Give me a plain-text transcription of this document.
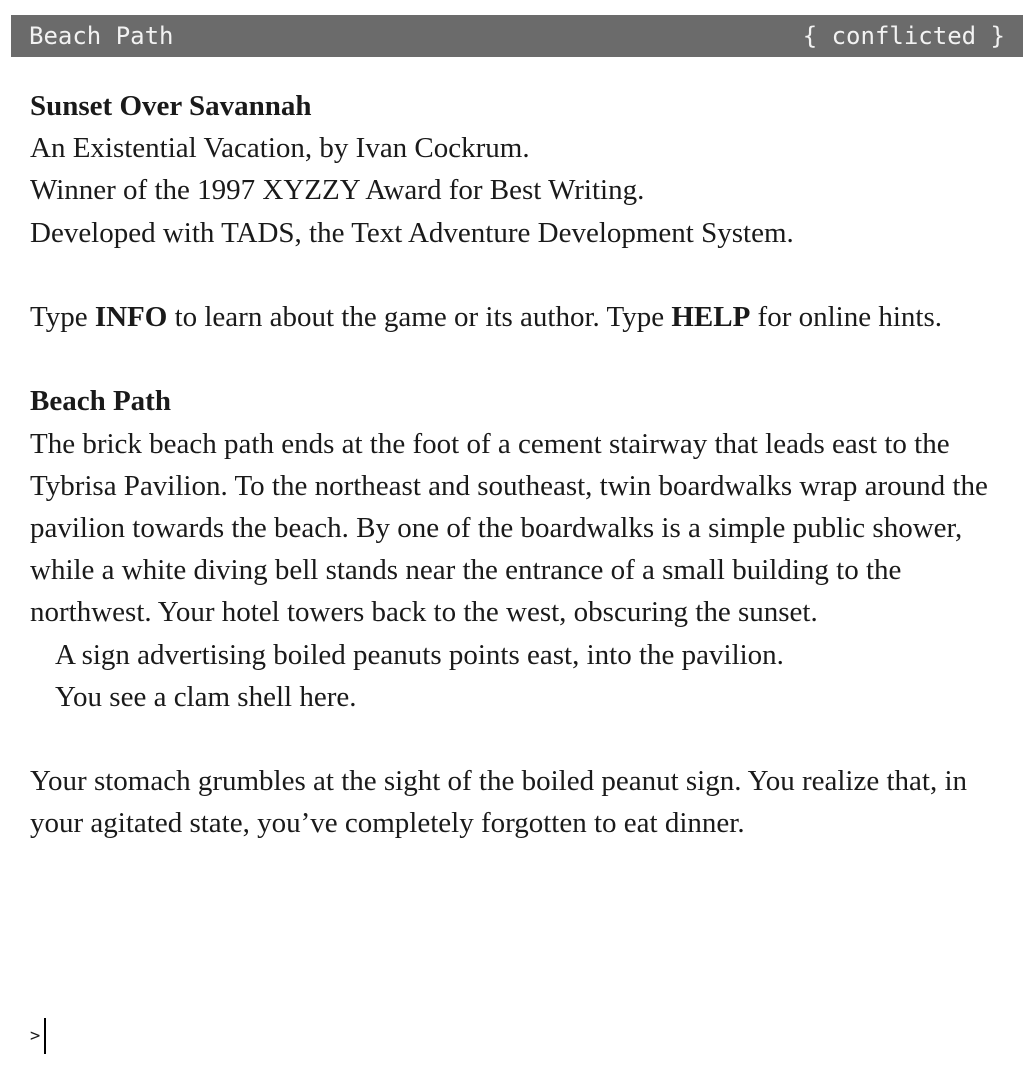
Beach Path	{ conflicted }

Sunset Over Savannah

An Existential Vacation, by Ivan Cockrum.

Winner of the 1997 XYZZY Award for Best Writing.

Developed with TADS, the Text Adventure Development System.

Type INFO to learn about the game or its author. Type HELP for online hints.

Beach Path

The brick beach path ends at the foot of a cement stairway that leads east to the Tybrisa Pavilion. To the northeast and southeast, twin boardwalks wrap around the pavilion towards the beach. By one of the boardwalks is a simple public shower, while a white diving bell stands near the entrance of a small building to the northwest. Your hotel towers back to the west, obscuring the sunset.

A sign advertising boiled peanuts points east, into the pavilion.

You see a clam shell here.

Your stomach grumbles at the sight of the boiled peanut sign. You realize that, in your agitated state, you’ve completely forgotten to eat dinner.

>
